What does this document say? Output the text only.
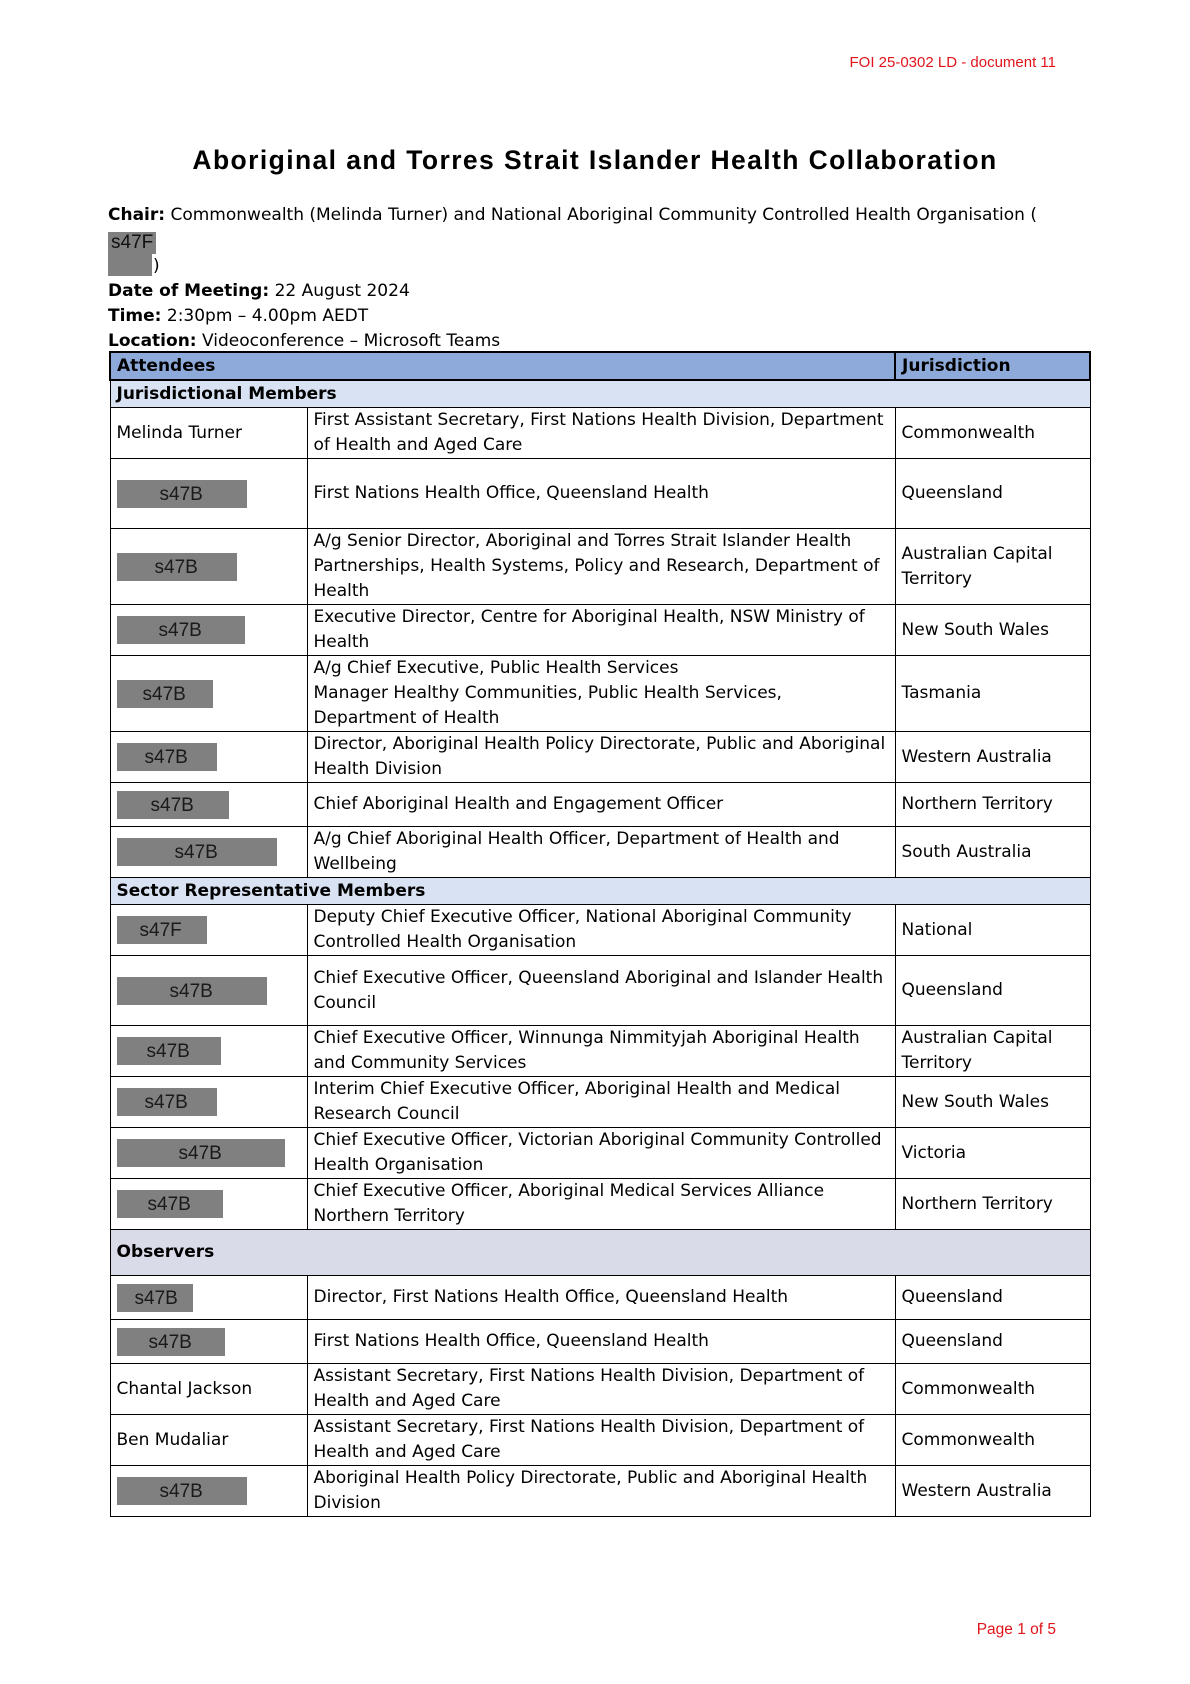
FOI 25-0302 LD - document 11
Aboriginal and Torres Strait Islander Health Collaboration
Chair: Commonwealth (Melinda Turner) and National Aboriginal Community Controlled Health Organisation (s47F
)
Date of Meeting: 22 August 2024
Time: 2:30pm – 4.00pm AEDT
Location: Videoconference – Microsoft Teams
Attendees		Jurisdiction
Jurisdictional Members		
Melinda Turner	First Assistant Secretary, First Nations Health Division, Department of Health and Aged Care	Commonwealth

s47B	First Nations Health Office, Queensland Health	Queensland

s47B	A/g Senior Director, Aboriginal and Torres Strait Islander Health Partnerships, Health Systems, Policy and Research, Department of Health	Australian Capital Territory

s47B	Executive Director, Centre for Aboriginal Health, NSW Ministry of Health	New South Wales

s47B	A/g Chief Executive, Public Health Services
Manager Healthy Communities, Public Health Services, Department of Health	Tasmania

s47B	Director, Aboriginal Health Policy Directorate, Public and Aboriginal Health Division	Western Australia

s47B	Chief Aboriginal Health and Engagement Officer	Northern Territory

s47B	A/g Chief Aboriginal Health Officer, Department of Health and Wellbeing	South Australia
Sector Representative Members		

s47F	Deputy Chief Executive Officer, National Aboriginal Community Controlled Health Organisation	National

s47B	Chief Executive Officer, Queensland Aboriginal and Islander Health Council	Queensland

s47B	Chief Executive Officer, Winnunga Nimmityjah Aboriginal Health and Community Services	Australian Capital Territory

s47B	Interim Chief Executive Officer, Aboriginal Health and Medical Research Council	New South Wales

s47B	Chief Executive Officer, Victorian Aboriginal Community Controlled Health Organisation	Victoria

s47B	Chief Executive Officer, Aboriginal Medical Services Alliance Northern Territory	Northern Territory
Observers		

s47B	Director, First Nations Health Office, Queensland Health	Queensland

s47B	First Nations Health Office, Queensland Health	Queensland
Chantal Jackson	Assistant Secretary, First Nations Health Division, Department of Health and Aged Care	Commonwealth
Ben Mudaliar	Assistant Secretary, First Nations Health Division, Department of Health and Aged Care	Commonwealth

s47B	Aboriginal Health Policy Directorate, Public and Aboriginal Health Division	Western Australia
Page 1 of 5
